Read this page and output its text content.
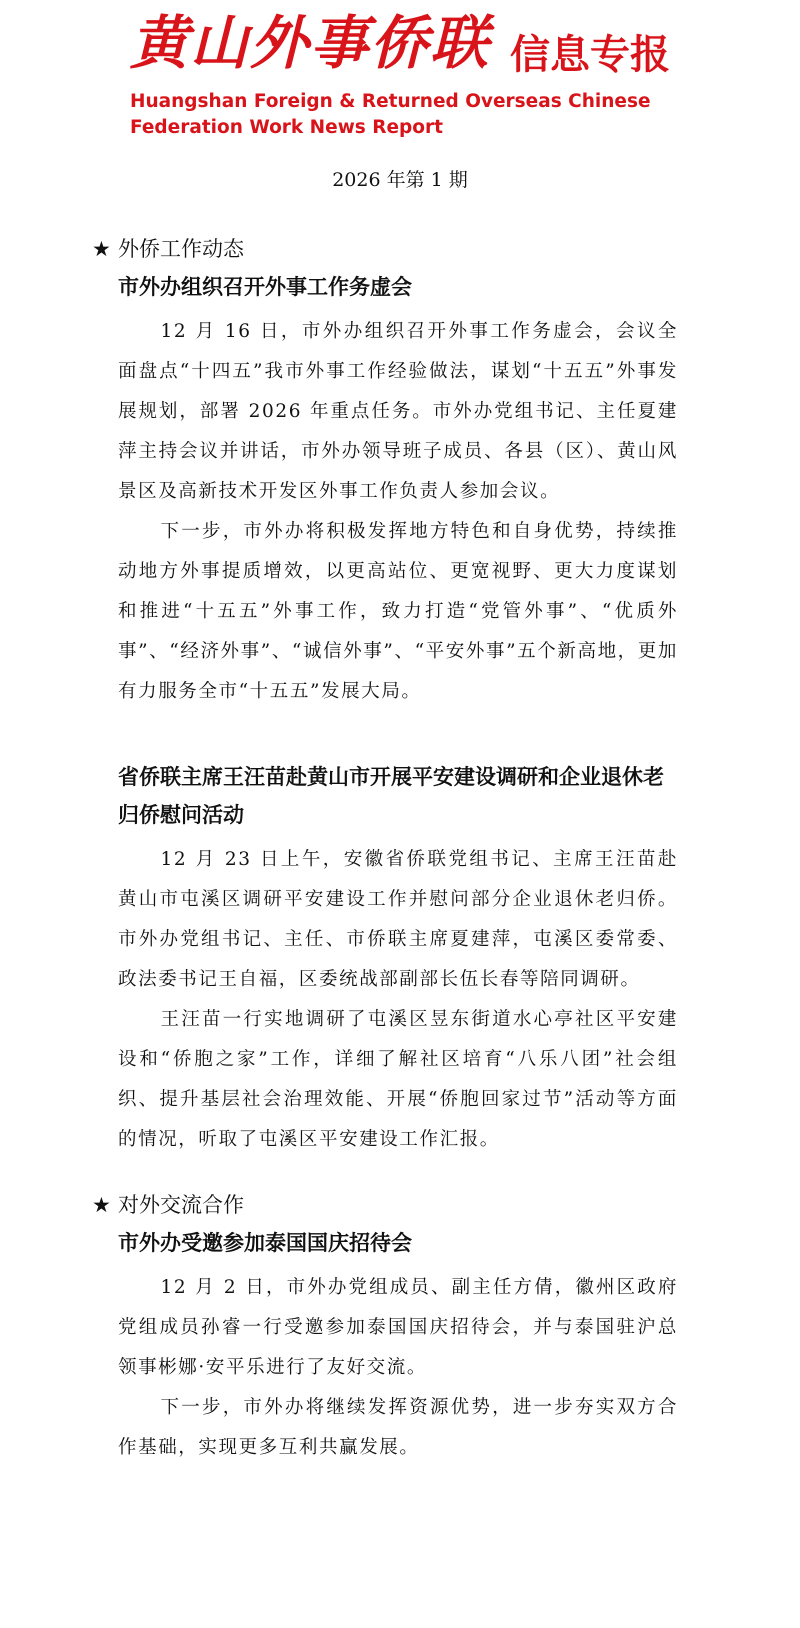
黄山外事侨联 信息专报
Huangshan Foreign & Returned Overseas Chinese
Federation Work News Report
2026 年第 1 期
★ 外侨工作动态
市外办组织召开外事工作务虚会

12 月 16 日，市外办组织召开外事工作务虚会，会议全面盘点“十四五”我市外事工作经验做法，谋划“十五五”外事发展规划，部署 2026 年重点任务。市外办党组书记、主任夏建萍主持会议并讲话，市外办领导班子成员、各县（区）、黄山风景区及高新技术开发区外事工作负责人参加会议。

下一步，市外办将积极发挥地方特色和自身优势，持续推动地方外事提质增效，以更高站位、更宽视野、更大力度谋划和推进“十五五”外事工作，致力打造“党管外事”、“优质外事”、“经济外事”、“诚信外事”、“平安外事”五个新高地，更加有力服务全市“十五五”发展大局。

省侨联主席王汪苗赴黄山市开展平安建设调研和企业退休老归侨慰问活动

12 月 23 日上午，安徽省侨联党组书记、主席王汪苗赴黄山市屯溪区调研平安建设工作并慰问部分企业退休老归侨。市外办党组书记、主任、市侨联主席夏建萍，屯溪区委常委、政法委书记王自福，区委统战部副部长伍长春等陪同调研。

王汪苗一行实地调研了屯溪区昱东街道水心亭社区平安建设和“侨胞之家”工作，详细了解社区培育“八乐八团”社会组织、提升基层社会治理效能、开展“侨胞回家过节”活动等方面的情况，听取了屯溪区平安建设工作汇报。

★ 对外交流合作
市外办受邀参加泰国国庆招待会

12 月 2 日，市外办党组成员、副主任方倩，徽州区政府党组成员孙睿一行受邀参加泰国国庆招待会，并与泰国驻沪总领事彬娜·安平乐进行了友好交流。

下一步，市外办将继续发挥资源优势，进一步夯实双方合作基础，实现更多互利共赢发展。
